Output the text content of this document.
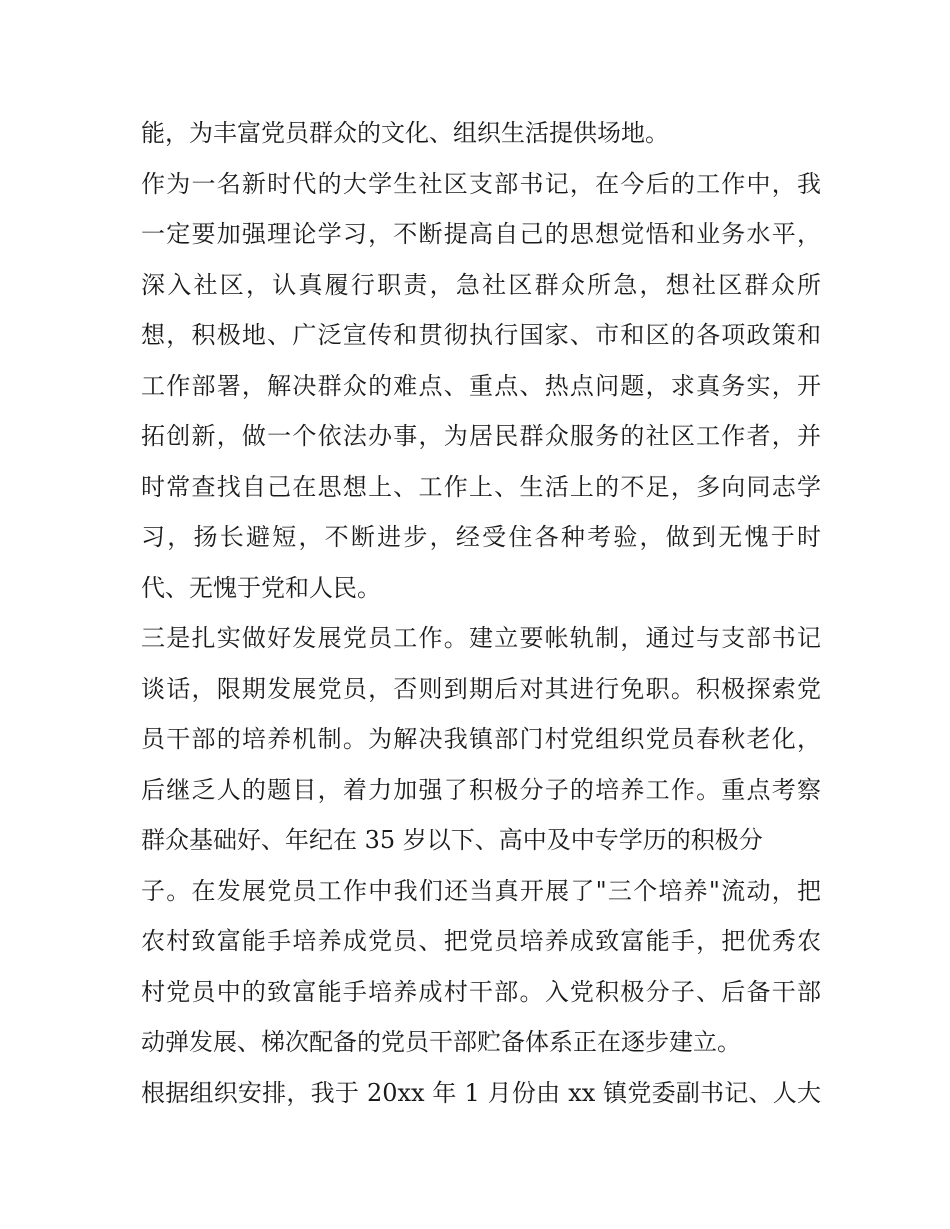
能，为丰富党员群众的文化、组织生活提供场地。
作为一名新时代的大学生社区支部书记，在今后的工作中，我
一定要加强理论学习，不断提高自己的思想觉悟和业务水平，
深入社区，认真履行职责，急社区群众所急，想社区群众所
想，积极地、广泛宣传和贯彻执行国家、市和区的各项政策和
工作部署，解决群众的难点、重点、热点问题，求真务实，开
拓创新，做一个依法办事，为居民群众服务的社区工作者，并
时常查找自己在思想上、工作上、生活上的不足，多向同志学
习，扬长避短，不断进步，经受住各种考验，做到无愧于时
代、无愧于党和人民。
三是扎实做好发展党员工作。建立要帐轨制，通过与支部书记
谈话，限期发展党员，否则到期后对其进行免职。积极探索党
员干部的培养机制。为解决我镇部门村党组织党员春秋老化，
后继乏人的题目，着力加强了积极分子的培养工作。重点考察
群众基础好、年纪在 35 岁以下、高中及中专学历的积极分
子。在发展党员工作中我们还当真开展了"三个培养"流动，把
农村致富能手培养成党员、把党员培养成致富能手，把优秀农
村党员中的致富能手培养成村干部。入党积极分子、后备干部
动弹发展、梯次配备的党员干部贮备体系正在逐步建立。
根据组织安排，我于 20xx 年 1 月份由 xx 镇党委副书记、人大
